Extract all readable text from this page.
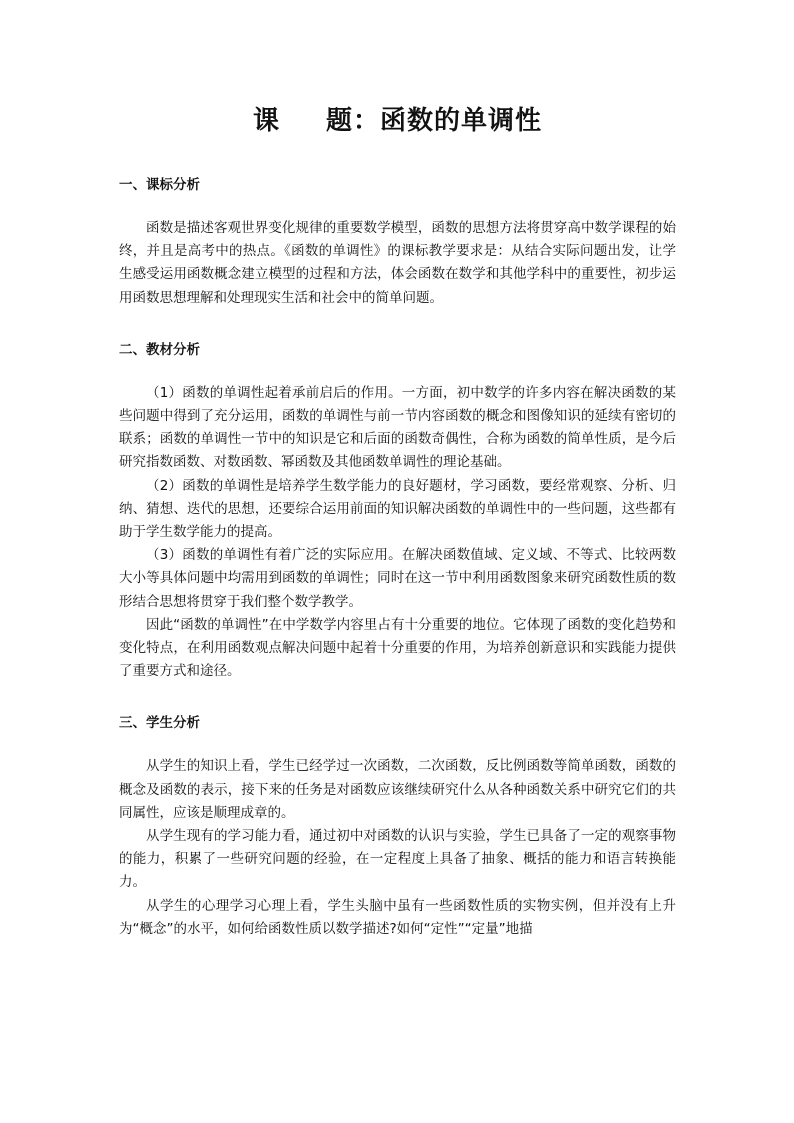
课 题：函数的单调性
一、课标分析

函数是描述客观世界变化规律的重要数学模型，函数的思想方法将贯穿高中数学课程的始终，并且是高考中的热点。《函数的单调性》的课标教学要求是：从结合实际问题出发，让学生感受运用函数概念建立模型的过程和方法，体会函数在数学和其他学科中的重要性，初步运用函数思想理解和处理现实生活和社会中的简单问题。

二、教材分析

（1）函数的单调性起着承前启后的作用。一方面，初中数学的许多内容在解决函数的某些问题中得到了充分运用，函数的单调性与前一节内容函数的概念和图像知识的延续有密切的联系；函数的单调性一节中的知识是它和后面的函数奇偶性，合称为函数的简单性质，是今后研究指数函数、对数函数、幂函数及其他函数单调性的理论基础。

（2）函数的单调性是培养学生数学能力的良好题材，学习函数，要经常观察、分析、归纳、猜想、迭代的思想，还要综合运用前面的知识解决函数的单调性中的一些问题，这些都有助于学生数学能力的提高。

（3）函数的单调性有着广泛的实际应用。在解决函数值域、定义域、不等式、比较两数大小等具体问题中均需用到函数的单调性；同时在这一节中利用函数图象来研究函数性质的数形结合思想将贯穿于我们整个数学教学。

因此“函数的单调性”在中学数学内容里占有十分重要的地位。它体现了函数的变化趋势和变化特点，在利用函数观点解决问题中起着十分重要的作用，为培养创新意识和实践能力提供了重要方式和途径。

三、学生分析

从学生的知识上看，学生已经学过一次函数，二次函数，反比例函数等简单函数，函数的概念及函数的表示，接下来的任务是对函数应该继续研究什么从各种函数关系中研究它们的共同属性，应该是顺理成章的。

从学生现有的学习能力看，通过初中对函数的认识与实验，学生已具备了一定的观察事物的能力，积累了一些研究问题的经验，在一定程度上具备了抽象、概括的能力和语言转换能力。

从学生的心理学习心理上看，学生头脑中虽有一些函数性质的实物实例，但并没有上升为“概念”的水平，如何给函数性质以数学描述?如何“定性”“定量”地描
